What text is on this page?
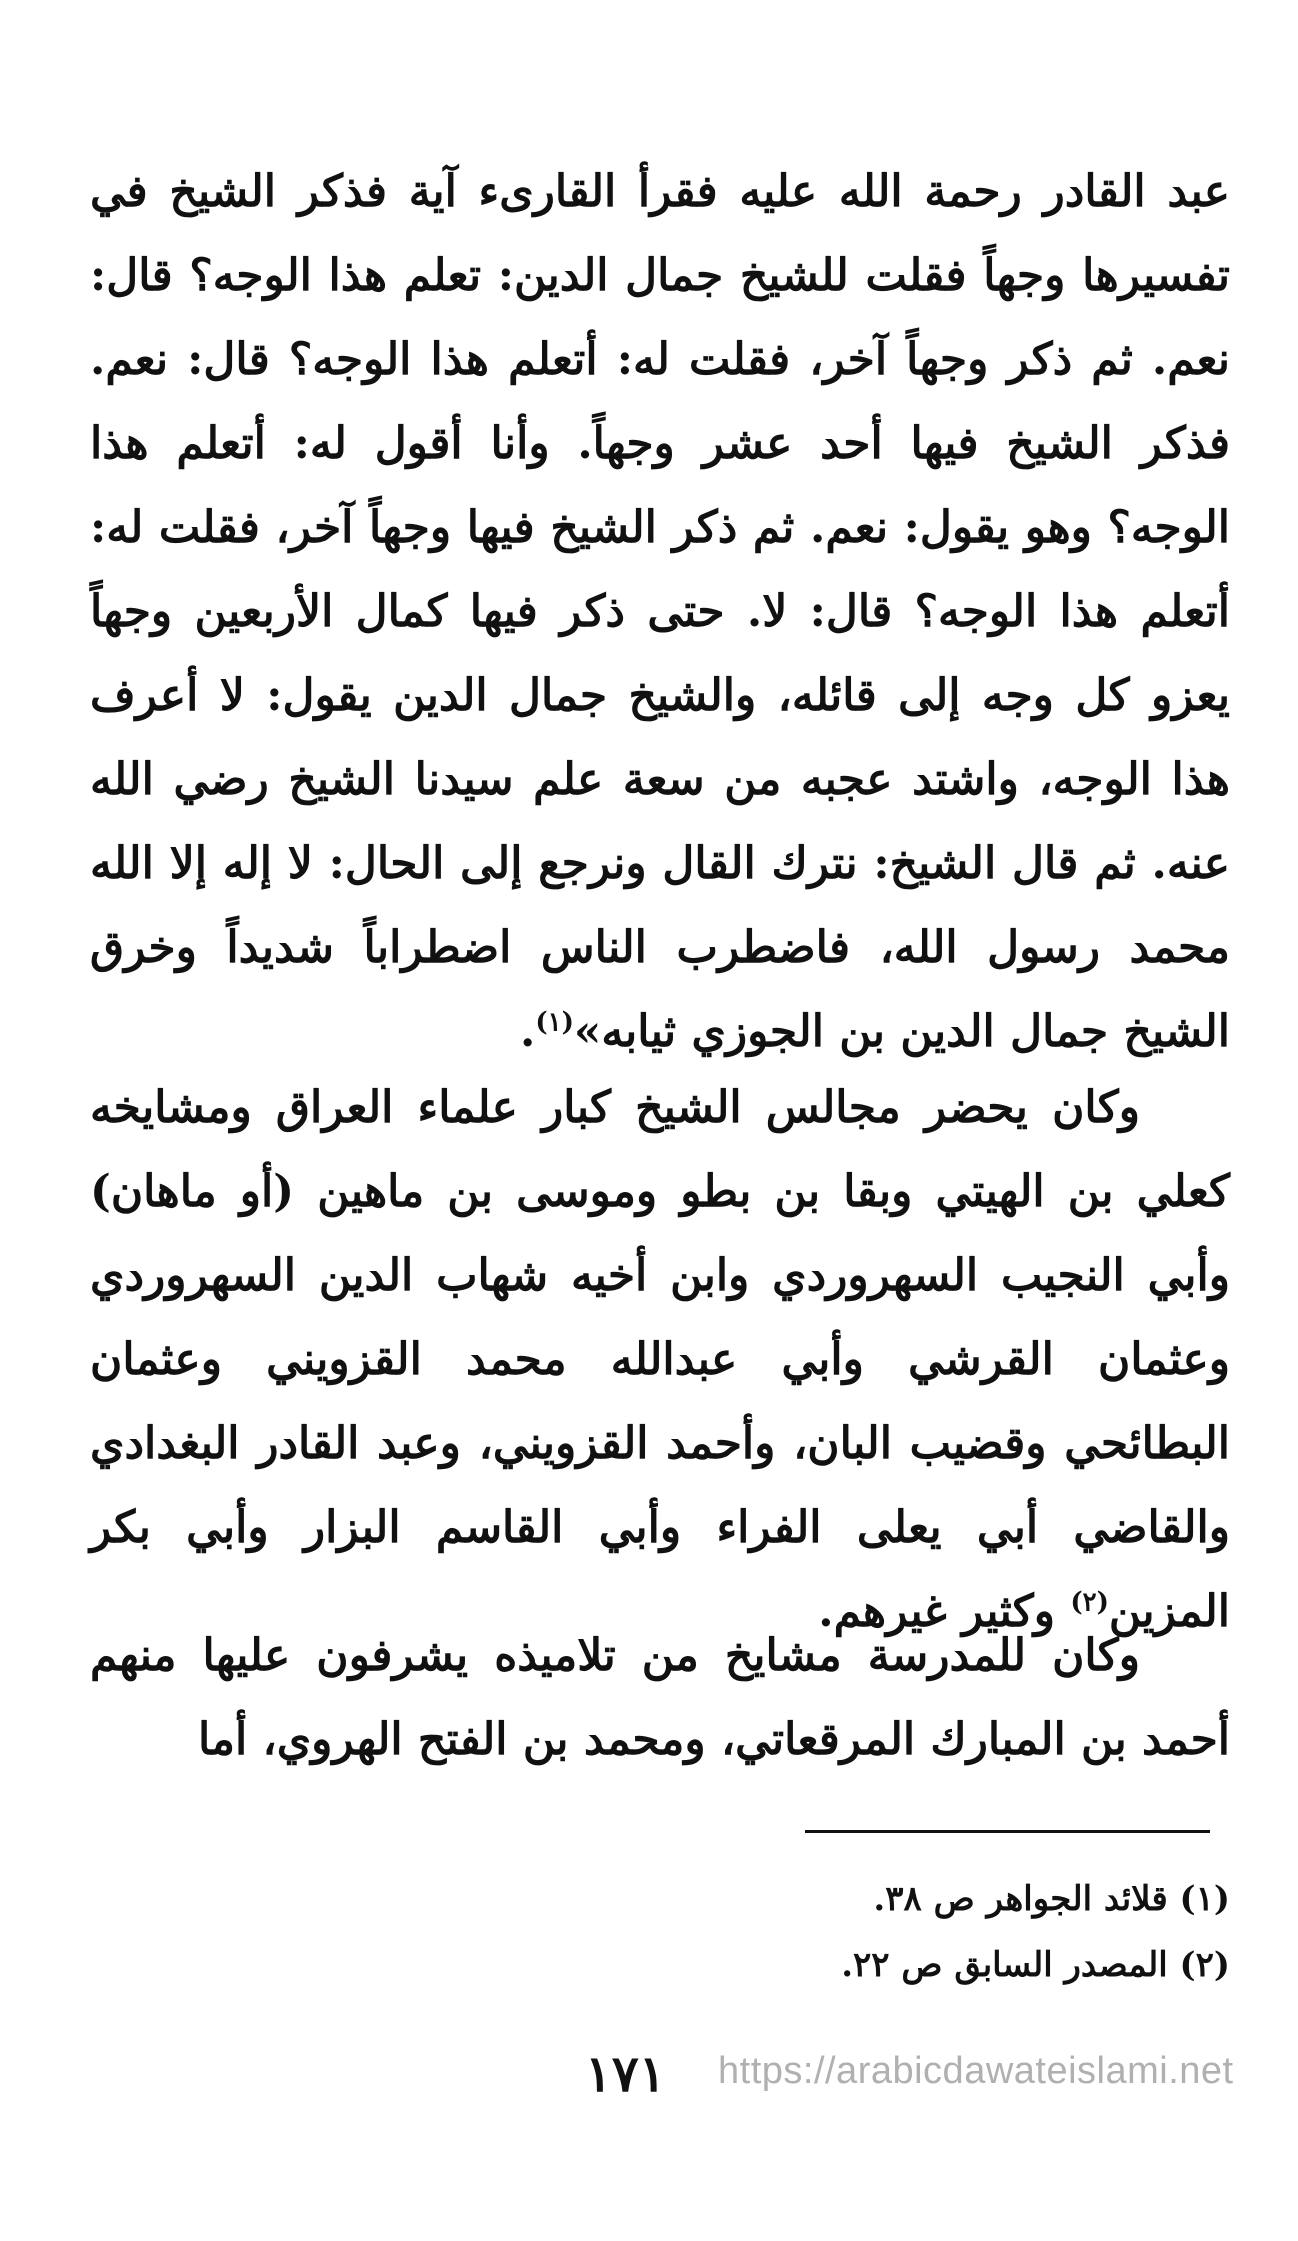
عبد القادر رحمة الله عليه فقرأ القارىء آية فذكر الشيخ في تفسيرها وجهاً فقلت للشيخ جمال الدين: تعلم هذا الوجه؟ قال: نعم. ثم ذكر وجهاً آخر، فقلت له: أتعلم هذا الوجه؟ قال: نعم. فذكر الشيخ فيها أحد عشر وجهاً. وأنا أقول له: أتعلم هذا الوجه؟ وهو يقول: نعم. ثم ذكر الشيخ فيها وجهاً آخر، فقلت له: أتعلم هذا الوجه؟ قال: لا. حتى ذكر فيها كمال الأربعين وجهاً يعزو كل وجه إلى قائله، والشيخ جمال الدين يقول: لا أعرف هذا الوجه، واشتد عجبه من سعة علم سيدنا الشيخ رضي الله عنه. ثم قال الشيخ: نترك القال ونرجع إلى الحال: لا إله إلا الله محمد رسول الله، فاضطرب الناس اضطراباً شديداً وخرق الشيخ جمال الدين بن الجوزي ثيابه»$^{(١)}$.

وكان يحضر مجالس الشيخ كبار علماء العراق ومشايخه كعلي بن الهيتي وبقا بن بطو وموسى بن ماهين (أو ماهان) وأبي النجيب السهروردي وابن أخيه شهاب الدين السهروردي وعثمان القرشي وأبي عبدالله محمد القزويني وعثمان البطائحي وقضيب البان، وأحمد القزويني، وعبد القادر البغدادي والقاضي أبي يعلى الفراء وأبي القاسم البزار وأبي بكر المزين$^{(٢)}$ وكثير غيرهم.

وكان للمدرسة مشايخ من تلاميذه يشرفون عليها منهم أحمد بن المبارك المرقعاتي، ومحمد بن الفتح الهروي، أما

(١) قلائد الجواهر ص ٣٨.
(٢) المصدر السابق ص ٢٢.
١٧١ https://arabicdawateislami.net
